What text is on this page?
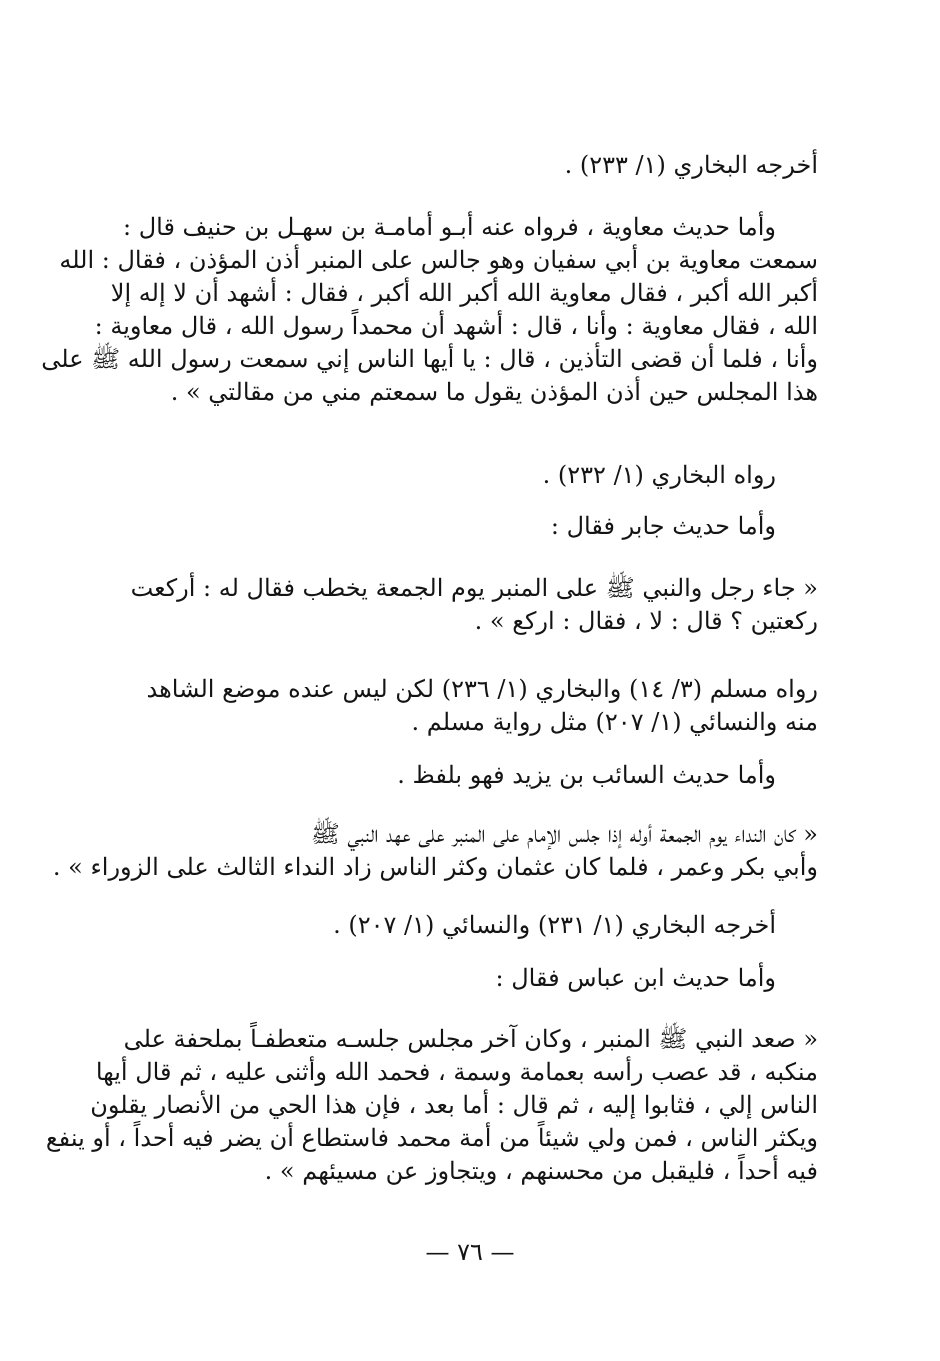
أخرجه البخاري (١/ ٢٣٣) .
وأما حديث معاوية ، فرواه عنه أبـو أمامـة بن سهـل بن حنيف قال :
سمعت معاوية بن أبي سفيان وهو جالس على المنبر أذن المؤذن ، فقال : الله
أكبر الله أكبر ، فقال معاوية الله أكبر الله أكبر ، فقال : أشهد أن لا إله إلا
الله ، فقال معاوية : وأنا ، قال : أشهد أن محمداً رسول الله ، قال معاوية :
وأنا ، فلما أن قضى التأذين ، قال : يا أيها الناس إني سمعت رسول الله ﷺ على
هذا المجلس حين أذن المؤذن يقول ما سمعتم مني من مقالتي » .
رواه البخاري (١/ ٢٣٢) .
وأما حديث جابر فقال :
« جاء رجل والنبي ﷺ على المنبر يوم الجمعة يخطب فقال له : أركعت
ركعتين ؟ قال : لا ، فقال : اركع » .
رواه مسلم (٣/ ١٤) والبخاري (١/ ٢٣٦) لكن ليس عنده موضع الشاهد
منه والنسائي (١/ ٢٠٧) مثل رواية مسلم .
وأما حديث السائب بن يزيد فهو بلفظ .
« كان النداء يوم الجمعة أوله إذا جلس الإمام على المنبر على عهد النبي ﷺ
وأبي بكر وعمر ، فلما كان عثمان وكثر الناس زاد النداء الثالث على الزوراء » .
أخرجه البخاري (١/ ٢٣١) والنسائي (١/ ٢٠٧) .
وأما حديث ابن عباس فقال :
« صعد النبي ﷺ المنبر ، وكان آخر مجلس جلسـه متعطفـاً بملحفة على
منكبه ، قد عصب رأسه بعمامة وسمة ، فحمد الله وأثنى عليه ، ثم قال أيها
الناس إلي ، فثابوا إليه ، ثم قال : أما بعد ، فإن هذا الحي من الأنصار يقلون
ويكثر الناس ، فمن ولي شيئاً من أمة محمد فاستطاع أن يضر فيه أحداً ، أو ينفع
فيه أحداً ، فليقبل من محسنهم ، ويتجاوز عن مسيئهم » .
— ٧٦ —
